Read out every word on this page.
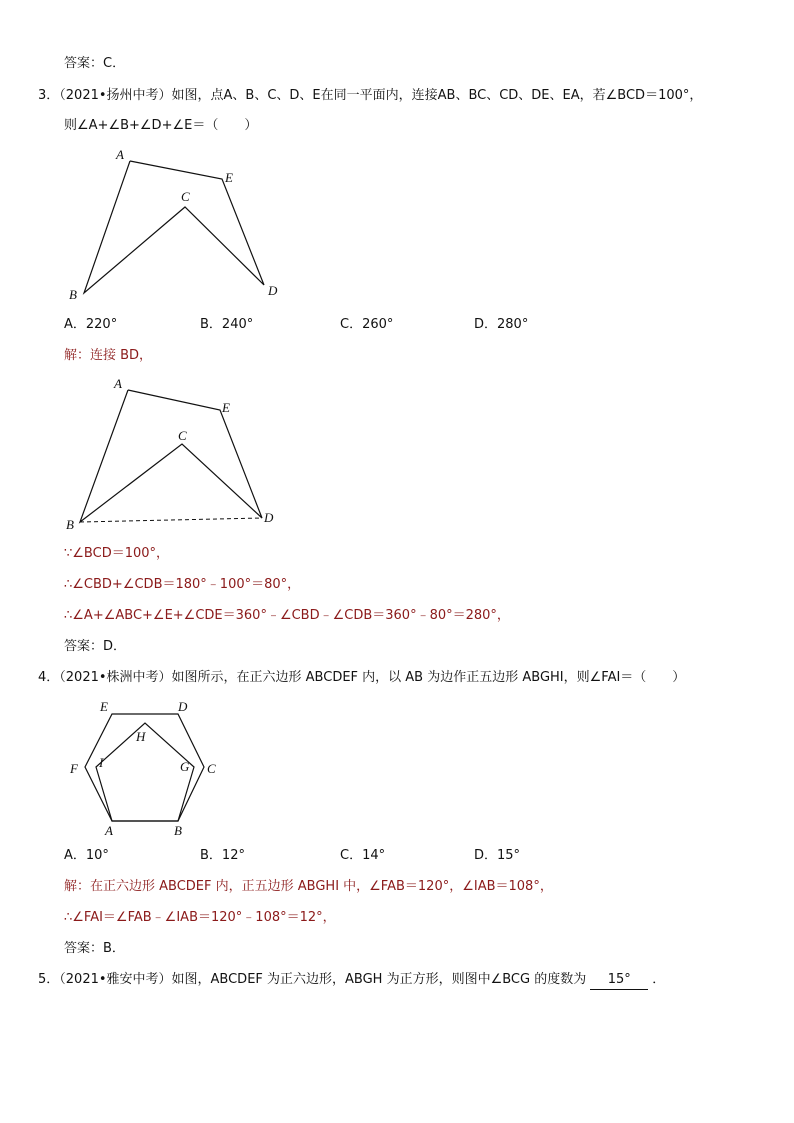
答案：C．
3．（2021•扬州中考）如图，点A、B、C、D、E在同一平面内，连接AB、BC、CD、DE、EA，若∠BCD＝100°，
则∠A+∠B+∠D+∠E＝（　　）
A
E
C
D
B
A．220°	B．240°	C．260°	D．280°
解：连接 BD，
A
E
C
D
B
∵∠BCD＝100°，
∴∠CBD+∠CDB＝180°﹣100°＝80°，
∴∠A+∠ABC+∠E+∠CDE＝360°﹣∠CBD﹣∠CDB＝360°﹣80°＝280°，
答案：D．
4．（2021•株洲中考）如图所示，在正六边形 ABCDEF 内，以 AB 为边作正五边形 ABGHI，则∠FAI＝（　　）
A	B
C
D
E
F	G
H
I
A．10°	B．12°	C．14°	D．15°
解：在正六边形 ABCDEF 内，正五边形 ABGHI 中，∠FAB＝120°，∠IAB＝108°，
∴∠FAI＝∠FAB﹣∠IAB＝120°﹣108°＝12°，
答案：B．
5．（2021•雅安中考）如图，ABCDEF 为正六边形，ABGH 为正方形，则图中∠BCG 的度数为 15° ．
